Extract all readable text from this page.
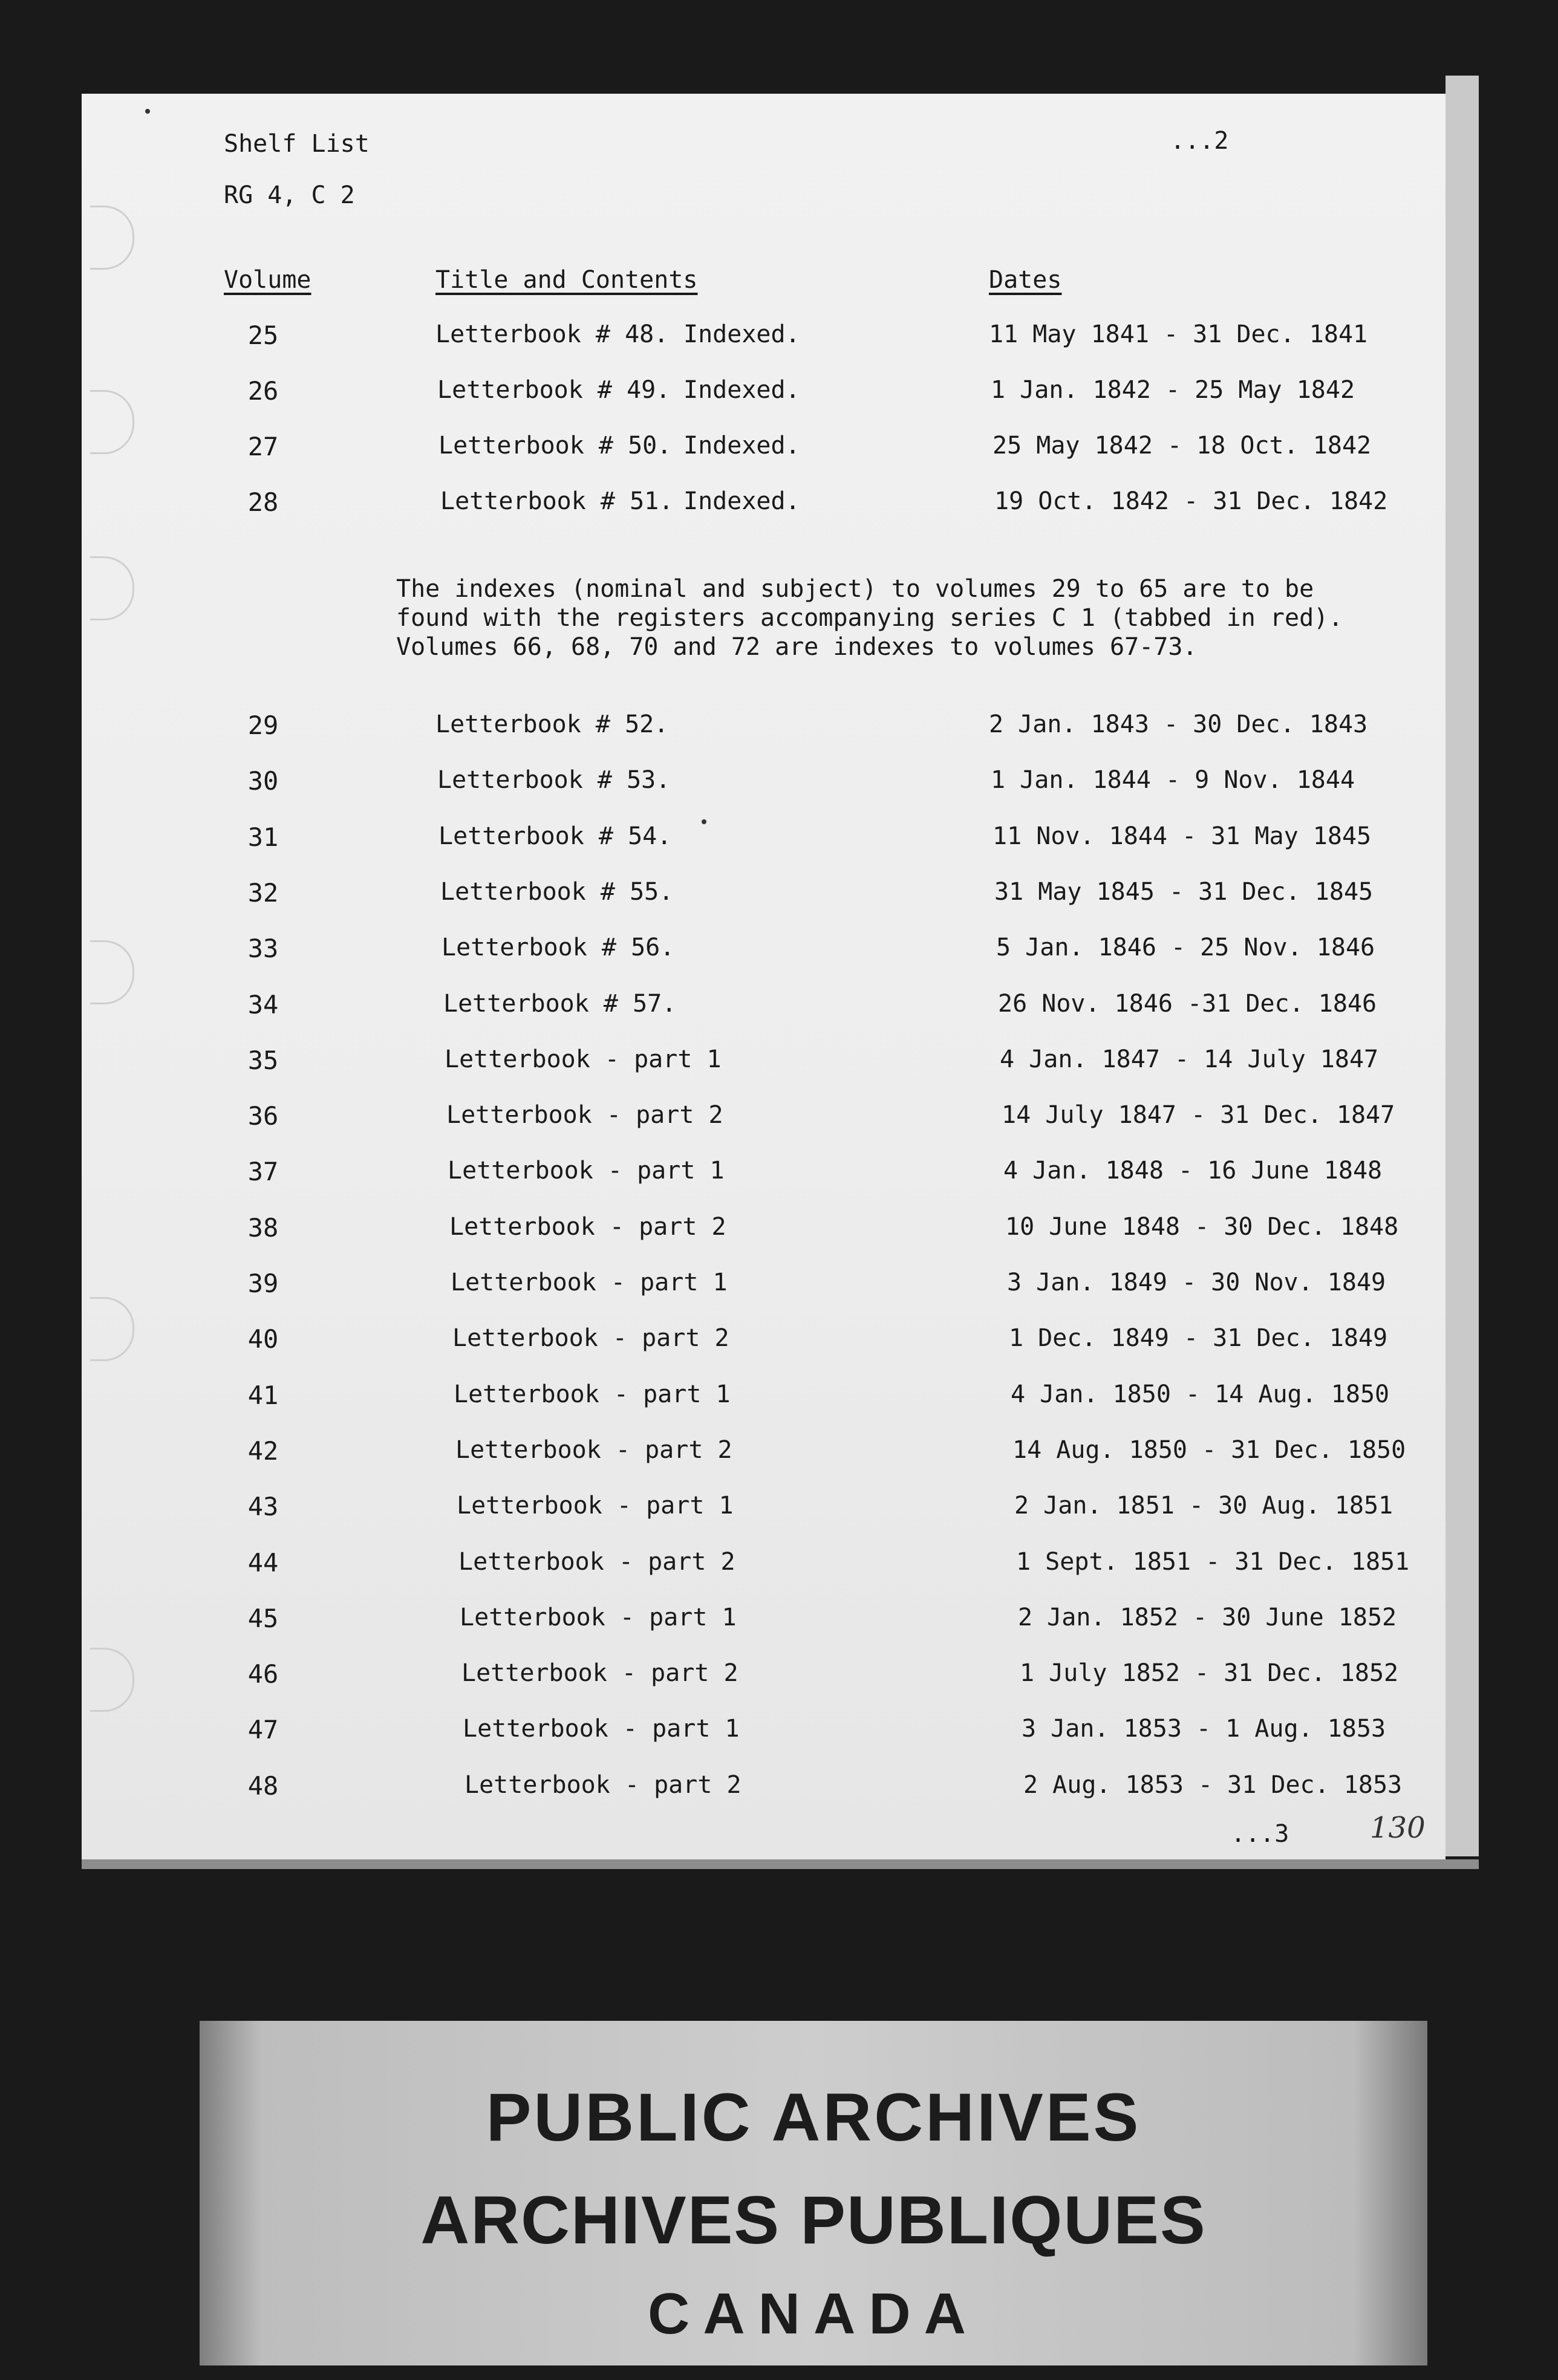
Shelf List
RG 4, C 2
...2
Volume	Title and Contents	Dates
25	Letterbook # 48. Indexed.	11 May 1841 - 31 Dec. 1841
26	Letterbook # 49. Indexed.	1 Jan. 1842 - 25 May 1842
27	Letterbook # 50. Indexed.	25 May 1842 - 18 Oct. 1842
28	Letterbook # 51. Indexed.	19 Oct. 1842 - 31 Dec. 1842
The indexes (nominal and subject) to volumes 29 to 65 are to be
found with the registers accompanying series C 1 (tabbed in red).
Volumes 66, 68, 70 and 72 are indexes to volumes 67-73.
29	Letterbook # 52.	2 Jan. 1843 - 30 Dec. 1843
30	Letterbook # 53.	1 Jan. 1844 - 9 Nov. 1844
31	Letterbook # 54.	11 Nov. 1844 - 31 May 1845
32	Letterbook # 55.	31 May 1845 - 31 Dec. 1845
33	Letterbook # 56.	5 Jan. 1846 - 25 Nov. 1846
34	Letterbook # 57.	26 Nov. 1846 -31 Dec. 1846
35	Letterbook - part 1	4 Jan. 1847 - 14 July 1847
36	Letterbook - part 2	14 July 1847 - 31 Dec. 1847
37	Letterbook - part 1	4 Jan. 1848 - 16 June 1848
38	Letterbook - part 2	10 June 1848 - 30 Dec. 1848
39	Letterbook - part 1	3 Jan. 1849 - 30 Nov. 1849
40	Letterbook - part 2	1 Dec. 1849 - 31 Dec. 1849
41	Letterbook - part 1	4 Jan. 1850 - 14 Aug. 1850
42	Letterbook - part 2	14 Aug. 1850 - 31 Dec. 1850
43	Letterbook - part 1	2 Jan. 1851 - 30 Aug. 1851
44	Letterbook - part 2	1 Sept. 1851 - 31 Dec. 1851
45	Letterbook - part 1	2 Jan. 1852 - 30 June 1852
46	Letterbook - part 2	1 July 1852 - 31 Dec. 1852
47	Letterbook - part 1	3 Jan. 1853 - 1 Aug. 1853
48	Letterbook - part 2	2 Aug. 1853 - 31 Dec. 1853
...3	130
PUBLIC ARCHIVES
ARCHIVES PUBLIQUES
CANADA
